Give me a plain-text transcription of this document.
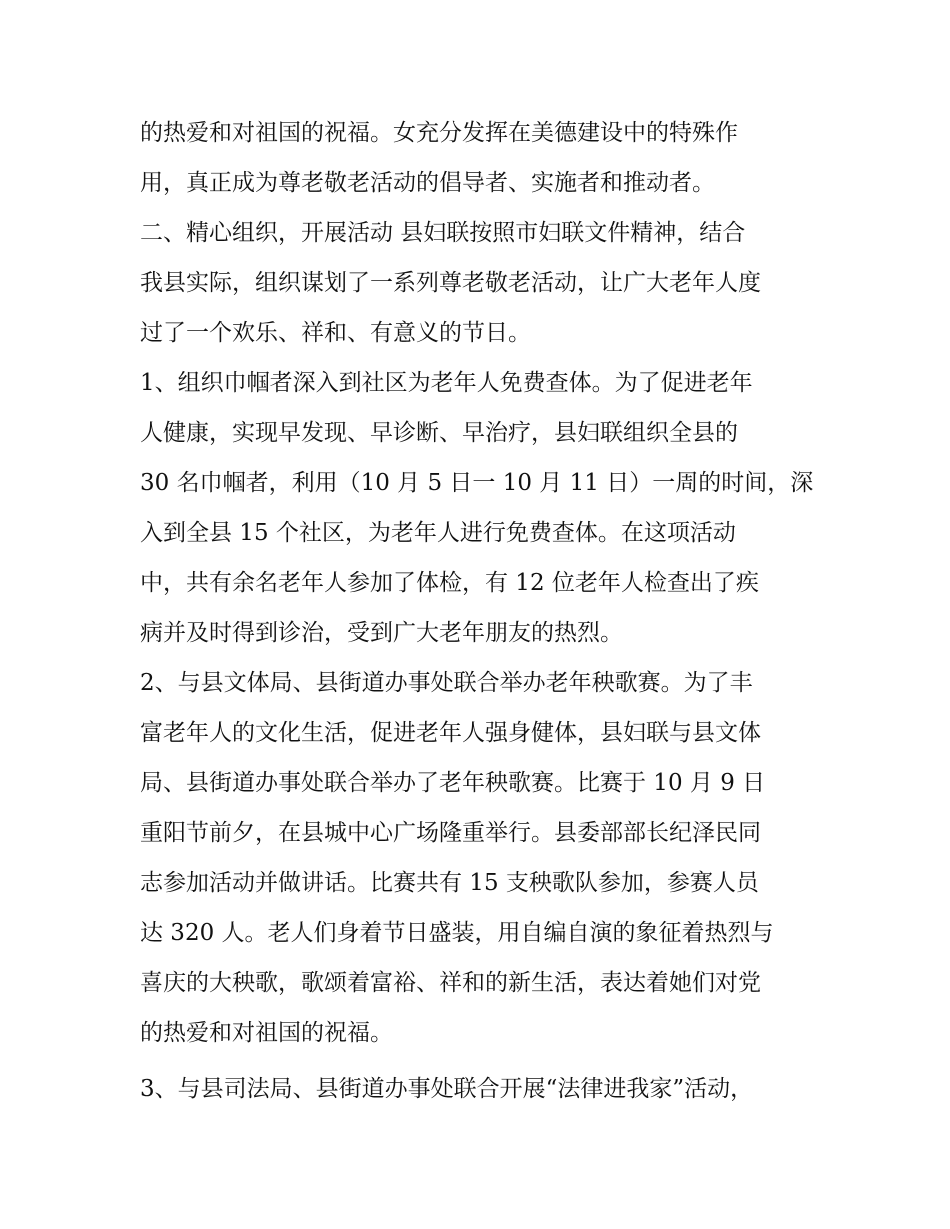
的热爱和对祖国的祝福。女充分发挥在美德建设中的特殊作
用，真正成为尊老敬老活动的倡导者、实施者和推动者。
二、精心组织，开展活动 县妇联按照市妇联文件精神，结合
我县实际，组织谋划了一系列尊老敬老活动，让广大老年人度
过了一个欢乐、祥和、有意义的节日。
1、组织巾帼者深入到社区为老年人免费查体。为了促进老年
人健康，实现早发现、早诊断、早治疗，县妇联组织全县的
30 名巾帼者，利用（10 月 5 日一 10 月 11 日）一周的时间，深
入到全县 15 个社区，为老年人进行免费查体。在这项活动
中，共有余名老年人参加了体检，有 12 位老年人检查出了疾
病并及时得到诊治，受到广大老年朋友的热烈。
2、与县文体局、县街道办事处联合举办老年秧歌赛。为了丰
富老年人的文化生活，促进老年人强身健体，县妇联与县文体
局、县街道办事处联合举办了老年秧歌赛。比赛于 10 月 9 日
重阳节前夕，在县城中心广场隆重举行。县委部部长纪泽民同
志参加活动并做讲话。比赛共有 15 支秧歌队参加，参赛人员
达 320 人。老人们身着节日盛装，用自编自演的象征着热烈与
喜庆的大秧歌，歌颂着富裕、祥和的新生活，表达着她们对党
的热爱和对祖国的祝福。
3、与县司法局、县街道办事处联合开展“法律进我家”活动，
